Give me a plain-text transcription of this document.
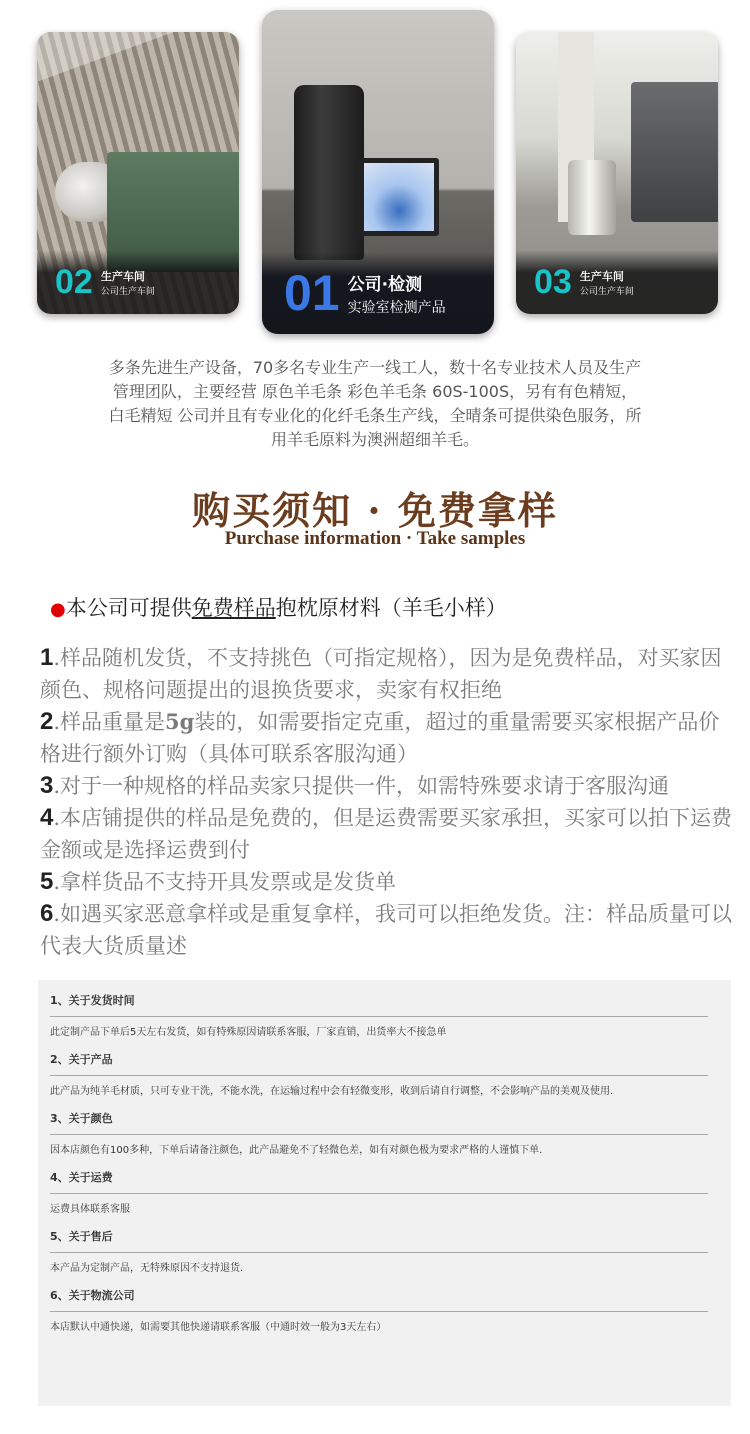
02 生产车间
公司生产车间	01 公司·检测
实验室检测产品
03 生产车间
公司生产车间
多条先进生产设备，70多名专业生产一线工人，数十名专业技术人员及生产管理团队，主要经营 原色羊毛条 彩色羊毛条 60S-100S，另有有色精短，白毛精短 公司并且有专业化的化纤毛条生产线，全晴条可提供染色服务，所用羊毛原料为澳洲超细羊毛。
购买须知 · 免费拿样
Purchase information · Take samples
●本公司可提供免费样品抱枕原材料（羊毛小样）

1.样品随机发货，不支持挑色（可指定规格），因为是免费样品，对买家因颜色、规格问题提出的退换货要求，卖家有权拒绝

2.样品重量是5g装的，如需要指定克重，超过的重量需要买家根据产品价格进行额外订购（具体可联系客服沟通）

3.对于一种规格的样品卖家只提供一件，如需特殊要求请于客服沟通

4.本店铺提供的样品是免费的，但是运费需要买家承担，买家可以拍下运费金额或是选择运费到付

5.拿样货品不支持开具发票或是发货单

6.如遇买家恶意拿样或是重复拿样，我司可以拒绝发货。注：样品质量可以代表大货质量述

1、关于发货时间
此定制产品下单后5天左右发货，如有特殊原因请联系客服，厂家直销，出货率大不接急单
2、关于产品
此产品为纯羊毛材质，只可专业干洗，不能水洗，在运输过程中会有轻微变形，收到后请自行调整，不会影响产品的美观及使用.
3、关于颜色
因本店颜色有100多种，下单后请备注颜色，此产品避免不了轻微色差，如有对颜色极为要求严格的人谨慎下单.
4、关于运费
运费具体联系客服
5、关于售后
本产品为定制产品，无特殊原因不支持退货.
6、关于物流公司
本店默认中通快递，如需要其他快递请联系客服（中通时效一般为3天左右）
